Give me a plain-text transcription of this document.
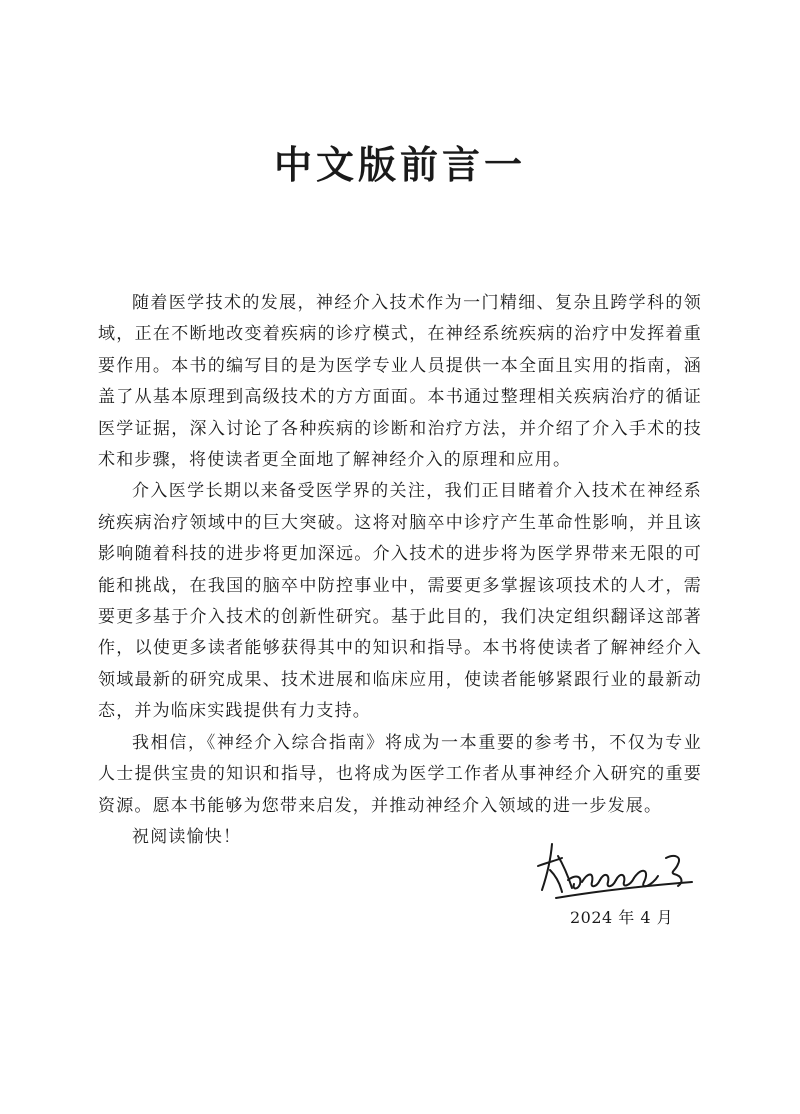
中文版前言一

随着医学技术的发展，神经介入技术作为一门精细、复杂且跨学科的领域，正在不断地改变着疾病的诊疗模式，在神经系统疾病的治疗中发挥着重要作用。本书的编写目的是为医学专业人员提供一本全面且实用的指南，涵盖了从基本原理到高级技术的方方面面。本书通过整理相关疾病治疗的循证医学证据，深入讨论了各种疾病的诊断和治疗方法，并介绍了介入手术的技术和步骤，将使读者更全面地了解神经介入的原理和应用。

介入医学长期以来备受医学界的关注，我们正目睹着介入技术在神经系统疾病治疗领域中的巨大突破。这将对脑卒中诊疗产生革命性影响，并且该影响随着科技的进步将更加深远。介入技术的进步将为医学界带来无限的可能和挑战，在我国的脑卒中防控事业中，需要更多掌握该项技术的人才，需要更多基于介入技术的创新性研究。基于此目的，我们决定组织翻译这部著作，以使更多读者能够获得其中的知识和指导。本书将使读者了解神经介入领域最新的研究成果、技术进展和临床应用，使读者能够紧跟行业的最新动态，并为临床实践提供有力支持。

我相信，《神经介入综合指南》将成为一本重要的参考书，不仅为专业人士提供宝贵的知识和指导，也将成为医学工作者从事神经介入研究的重要资源。愿本书能够为您带来启发，并推动神经介入领域的进一步发展。

祝阅读愉快！

2024 年 4 月
